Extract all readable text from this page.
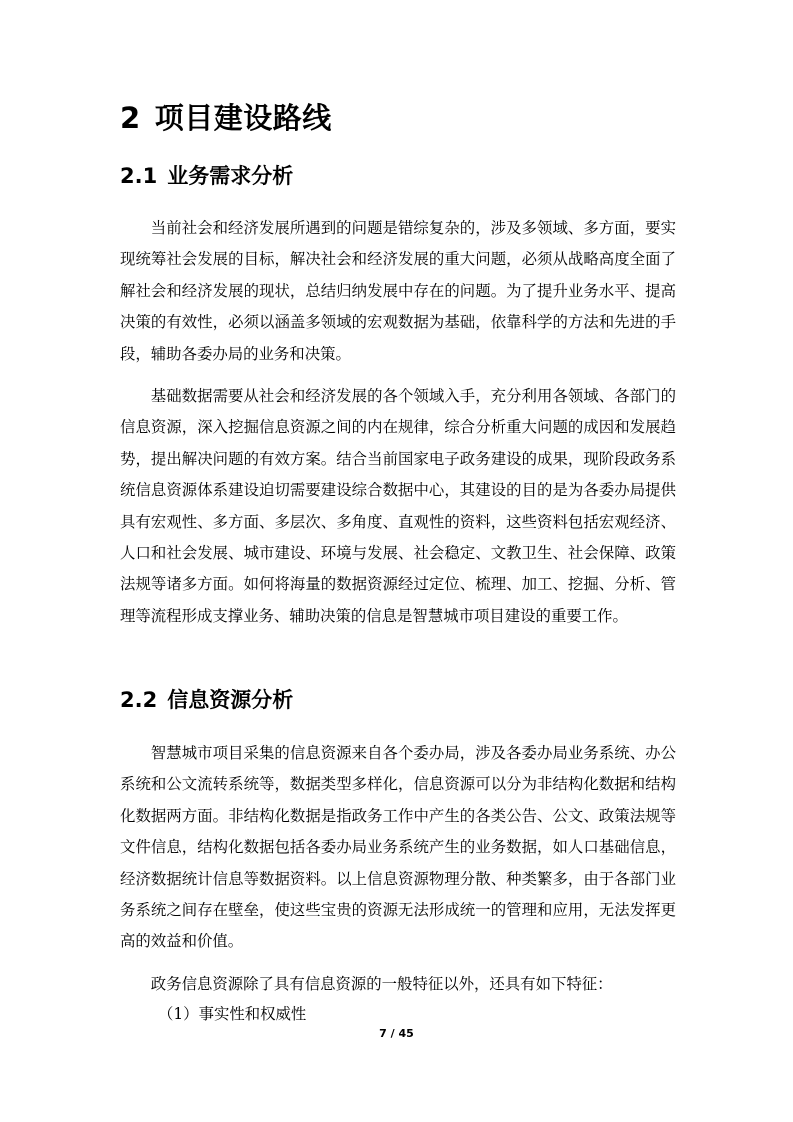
2 项目建设路线
2.1 业务需求分析

当前社会和经济发展所遇到的问题是错综复杂的，涉及多领域、多方面，要实现统筹社会发展的目标，解决社会和经济发展的重大问题，必须从战略高度全面了解社会和经济发展的现状，总结归纳发展中存在的问题。为了提升业务水平、提高决策的有效性，必须以涵盖多领域的宏观数据为基础，依靠科学的方法和先进的手段，辅助各委办局的业务和决策。

基础数据需要从社会和经济发展的各个领域入手，充分利用各领域、各部门的信息资源，深入挖掘信息资源之间的内在规律，综合分析重大问题的成因和发展趋势，提出解决问题的有效方案。结合当前国家电子政务建设的成果，现阶段政务系统信息资源体系建设迫切需要建设综合数据中心，其建设的目的是为各委办局提供具有宏观性、多方面、多层次、多角度、直观性的资料，这些资料包括宏观经济、人口和社会发展、城市建设、环境与发展、社会稳定、文教卫生、社会保障、政策法规等诸多方面。如何将海量的数据资源经过定位、梳理、加工、挖掘、分析、管理等流程形成支撑业务、辅助决策的信息是智慧城市项目建设的重要工作。

2.2 信息资源分析

智慧城市项目采集的信息资源来自各个委办局，涉及各委办局业务系统、办公系统和公文流转系统等，数据类型多样化，信息资源可以分为非结构化数据和结构化数据两方面。非结构化数据是指政务工作中产生的各类公告、公文、政策法规等文件信息，结构化数据包括各委办局业务系统产生的业务数据，如人口基础信息，经济数据统计信息等数据资料。以上信息资源物理分散、种类繁多，由于各部门业务系统之间存在壁垒，使这些宝贵的资源无法形成统一的管理和应用，无法发挥更高的效益和价值。

政务信息资源除了具有信息资源的一般特征以外，还具有如下特征：

（1）事实性和权威性

7 / 45
